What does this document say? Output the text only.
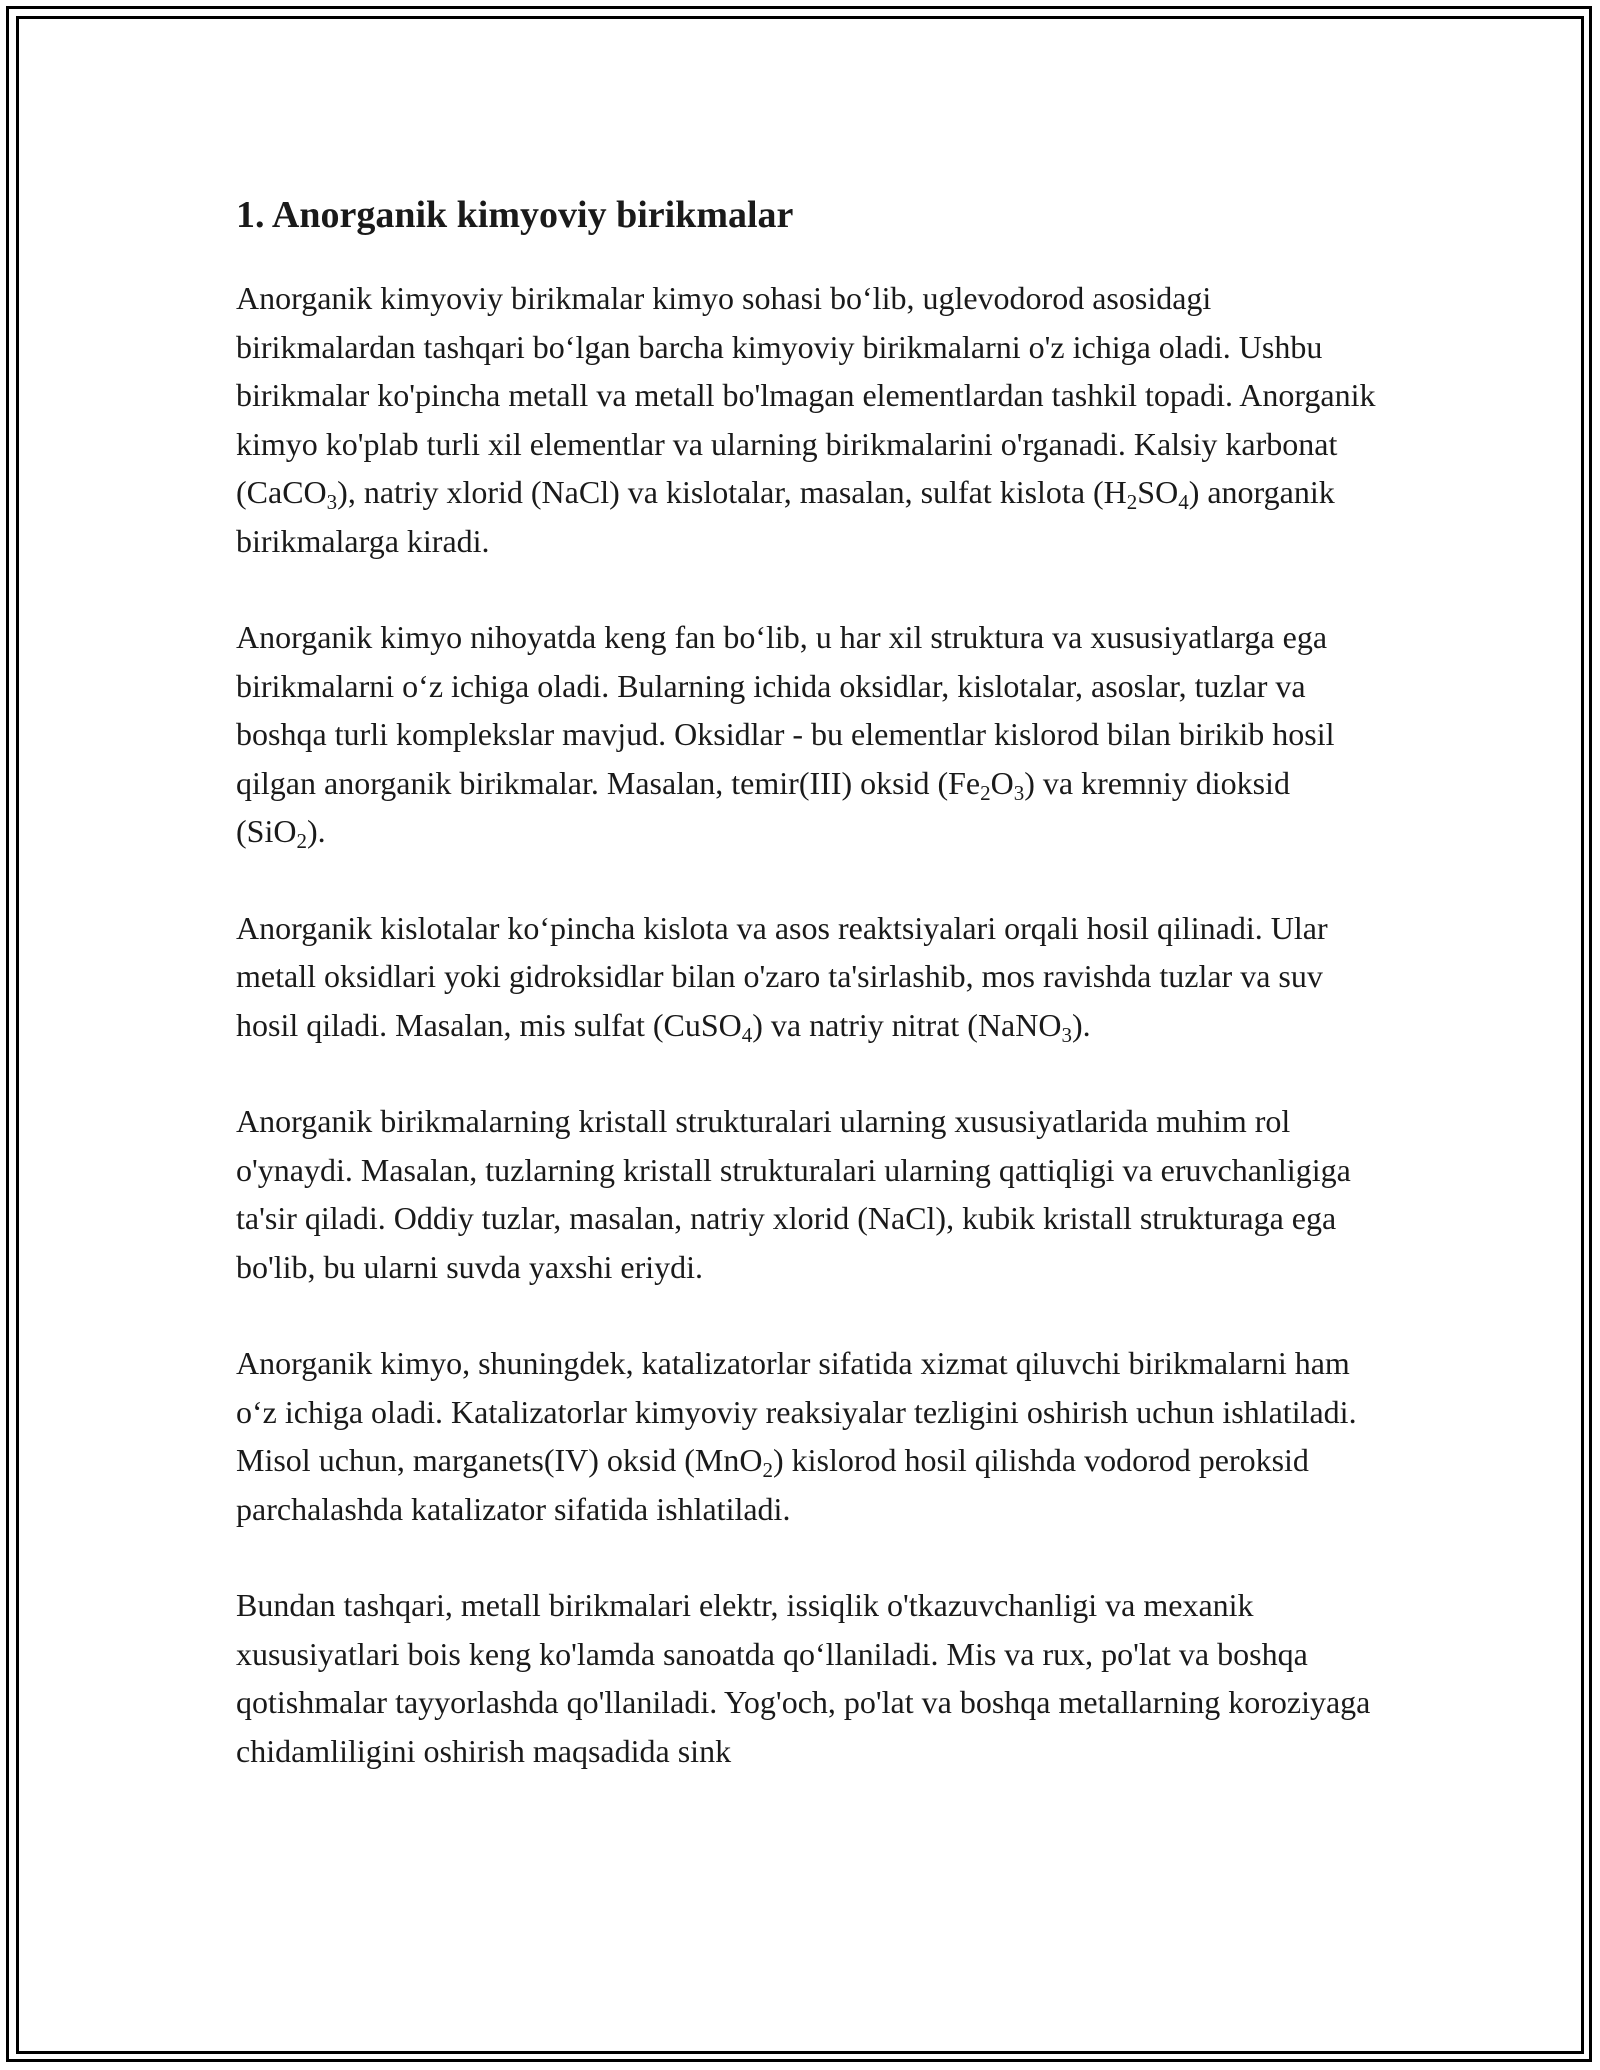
1. Anorganik kimyoviy birikmalar

Anorganik kimyoviy birikmalar kimyo sohasi bo‘lib, uglevodorod asosidagi birikmalardan tashqari bo‘lgan barcha kimyoviy birikmalarni o'z ichiga oladi. Ushbu birikmalar ko'pincha metall va metall bo'lmagan elementlardan tashkil topadi. Anorganik kimyo ko'plab turli xil elementlar va ularning birikmalarini o'rganadi. Kalsiy karbonat (CaCO$_3$), natriy xlorid (NaCl) va kislotalar, masalan, sulfat kislota $(H_2SO_4)$ anorganik birikmalarga kiradi.

Anorganik kimyo nihoyatda keng fan bo‘lib, u har xil struktura va xususiyatlarga ega birikmalarni o‘z ichiga oladi. Bularning ichida oksidlar, kislotalar, asoslar, tuzlar va boshqa turli komplekslar mavjud. Oksidlar - bu elementlar kislorod bilan birikib hosil qilgan anorganik birikmalar. Masalan, temir(III) oksid $(Fe_2O_3)$ va kremniy dioksid (SiO$_2$).

Anorganik kislotalar ko‘pincha kislota va asos reaktsiyalari orqali hosil qilinadi. Ular metall oksidlari yoki gidroksidlar bilan o'zaro ta'sirlashib, mos ravishda tuzlar va suv hosil qiladi. Masalan, mis sulfat (CuSO$_4$) va natriy nitrat (NaNO$_3$).

Anorganik birikmalarning kristall strukturalari ularning xususiyatlarida muhim rol o'ynaydi. Masalan, tuzlarning kristall strukturalari ularning qattiqligi va eruvchanligiga ta'sir qiladi. Oddiy tuzlar, masalan, natriy xlorid (NaCl), kubik kristall strukturaga ega bo'lib, bu ularni suvda yaxshi eriydi.

Anorganik kimyo, shuningdek, katalizatorlar sifatida xizmat qiluvchi birikmalarni ham o‘z ichiga oladi. Katalizatorlar kimyoviy reaksiyalar tezligini oshirish uchun ishlatiladi. Misol uchun, marganets(IV) oksid (MnO$_2$) kislorod hosil qilishda vodorod peroksid parchalashda katalizator sifatida ishlatiladi.

Bundan tashqari, metall birikmalari elektr, issiqlik o'tkazuvchanligi va mexanik xususiyatlari bois keng ko'lamda sanoatda qo‘llaniladi. Mis va rux, po'lat va boshqa qotishmalar tayyorlashda qo'llaniladi. Yog'och, po'lat va boshqa metallarning koroziyaga chidamliligini oshirish maqsadida sink
